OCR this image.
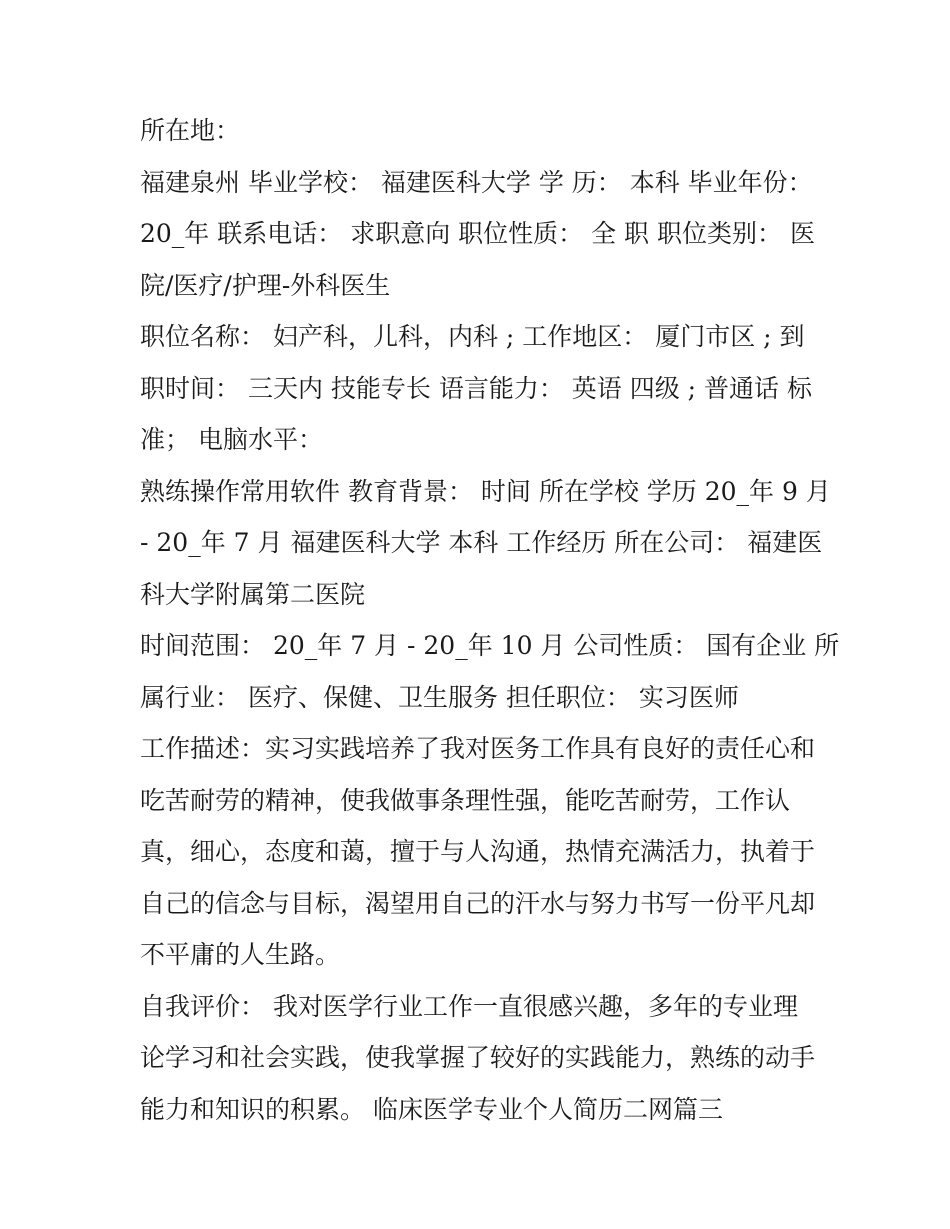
所在地：
福建泉州 毕业学校： 福建医科大学 学 历： 本科 毕业年份：
20_年 联系电话： 求职意向 职位性质： 全 职 职位类别： 医
院/医疗/护理-外科医生
职位名称： 妇产科，儿科，内科 ; 工作地区： 厦门市区 ; 到
职时间： 三天内 技能专长 语言能力： 英语 四级 ; 普通话 标
准； 电脑水平：
熟练操作常用软件 教育背景： 时间 所在学校 学历 20_年 9 月
- 20_年 7 月 福建医科大学 本科 工作经历 所在公司： 福建医
科大学附属第二医院
时间范围： 20_年 7 月 - 20_年 10 月 公司性质： 国有企业 所
属行业： 医疗、保健、卫生服务 担任职位： 实习医师
工作描述：实习实践培养了我对医务工作具有良好的责任心和
吃苦耐劳的精神，使我做事条理性强，能吃苦耐劳，工作认
真，细心，态度和蔼，擅于与人沟通，热情充满活力，执着于
自己的信念与目标，渴望用自己的汗水与努力书写一份平凡却
不平庸的人生路。
自我评价： 我对医学行业工作一直很感兴趣，多年的专业理
论学习和社会实践，使我掌握了较好的实践能力，熟练的动手
能力和知识的积累。 临床医学专业个人简历二网篇三
